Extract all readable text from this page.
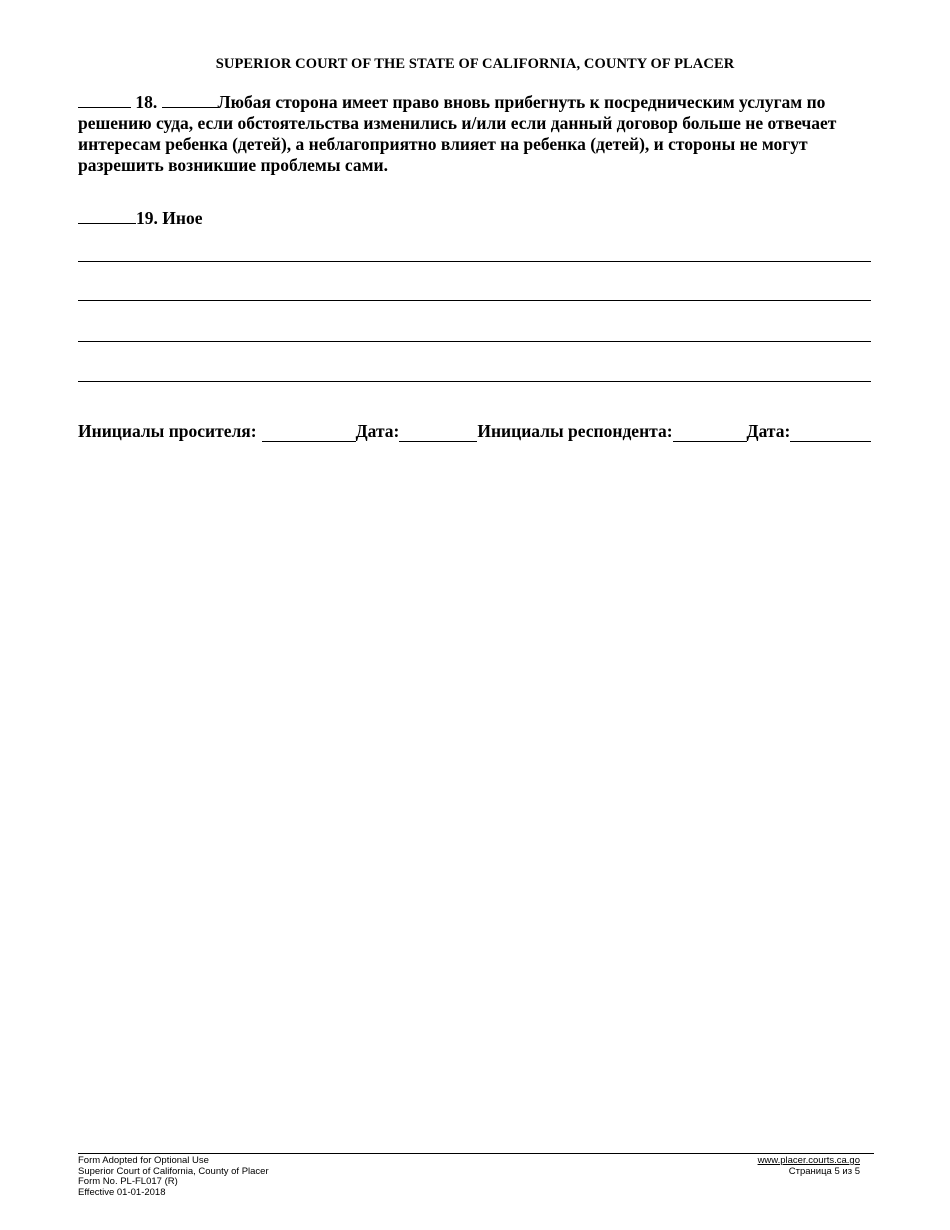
SUPERIOR COURT OF THE STATE OF CALIFORNIA, COUNTY OF PLACER
18.	Любая сторона имеет право вновь прибегнуть к посредническим услугам по решению суда, если обстоятельства изменились и/или если данный договор больше не отвечает интересам ребенка (детей), а неблагоприятно влияет на ребенка (детей), и стороны не могут разрешить возникшие проблемы сами.
19. Иное
Инициалы просителя:	Дата:	Инициалы респондента:	Дата:
Form Adopted for Optional Use
Superior Court of California, County of Placer
Form No. PL-FL017 (R)
Effective 01-01-2018
www.placer.courts.ca.go
Страница 5 из 5
